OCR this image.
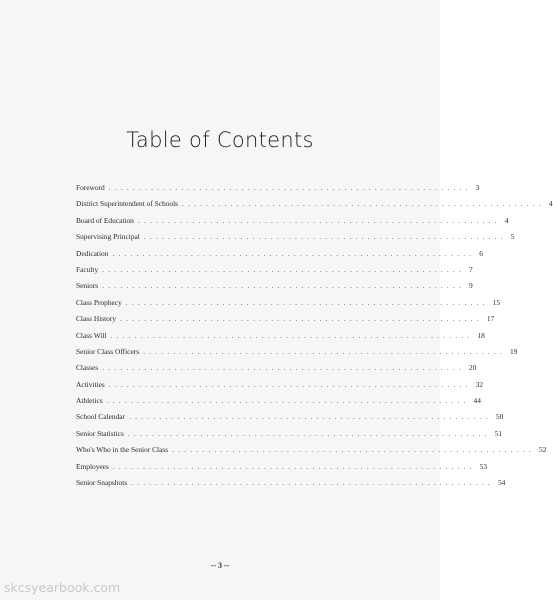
Table of Contents
Foreword ............................................................ 3
District Superintendent of Schools ............................................................ 4
Board of Education ............................................................ 4
Supervising Principal ............................................................ 5
Dedication ............................................................ 6
Faculty ............................................................ 7
Seniors ............................................................ 9
Class Prophecy ............................................................ 15
Class History ............................................................ 17
Class Will ............................................................ 18
Senior Class Officers ............................................................ 19
Classes ............................................................ 20
Activities ............................................................ 32
Athletics ............................................................ 44
School Calendar ............................................................ 50
Senior Statistics ............................................................ 51
Who's Who in the Senior Class ............................................................ 52
Employees ............................................................ 53
Senior Snapshots ............................................................ 54
-- 3 --
skcsyearbook.com
